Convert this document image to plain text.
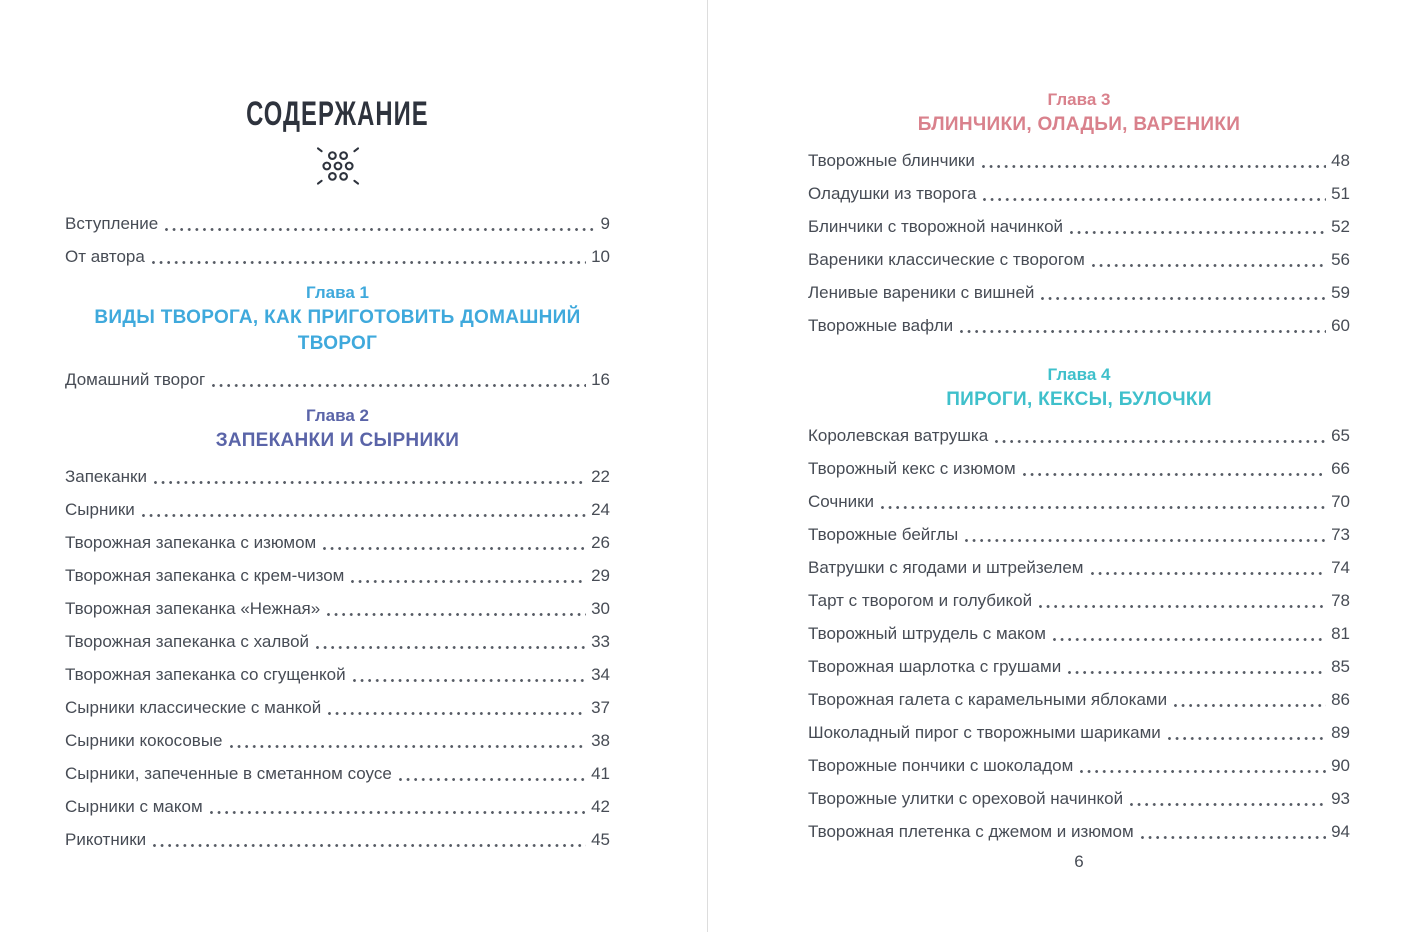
СОДЕРЖАНИЕ
Вступление	9
От автора	10
Глава 1
ВИДЫ ТВОРОГА, КАК ПРИГОТОВИТЬ ДОМАШНИЙ ТВОРОГ
Домашний творог	16
Глава 2
ЗАПЕКАНКИ И СЫРНИКИ
Запеканки	22
Сырники	24
Творожная запеканка с изюмом	26
Творожная запеканка с крем-чизом	29
Творожная запеканка «Нежная»	30
Творожная запеканка с халвой	33
Творожная запеканка со сгущенкой	34
Сырники классические с манкой	37
Сырники кокосовые	38
Сырники, запеченные в сметанном соусе	41
Сырники с маком	42
Рикотники	45
Глава 3
БЛИНЧИКИ, ОЛАДЬИ, ВАРЕНИКИ
Творожные блинчики	48
Оладушки из творога	51
Блинчики с творожной начинкой	52
Вареники классические с творогом	56
Ленивые вареники с вишней	59
Творожные вафли	60
Глава 4
ПИРОГИ, КЕКСЫ, БУЛОЧКИ
Королевская ватрушка	65
Творожный кекс с изюмом	66
Сочники	70
Творожные бейглы	73
Ватрушки с ягодами и штрейзелем	74
Тарт с творогом и голубикой	78
Творожный штрудель с маком	81
Творожная шарлотка с грушами	85
Творожная галета с карамельными яблоками	86
Шоколадный пирог с творожными шариками	89
Творожные пончики с шоколадом	90
Творожные улитки с ореховой начинкой	93
Творожная плетенка с джемом и изюмом	94
6
